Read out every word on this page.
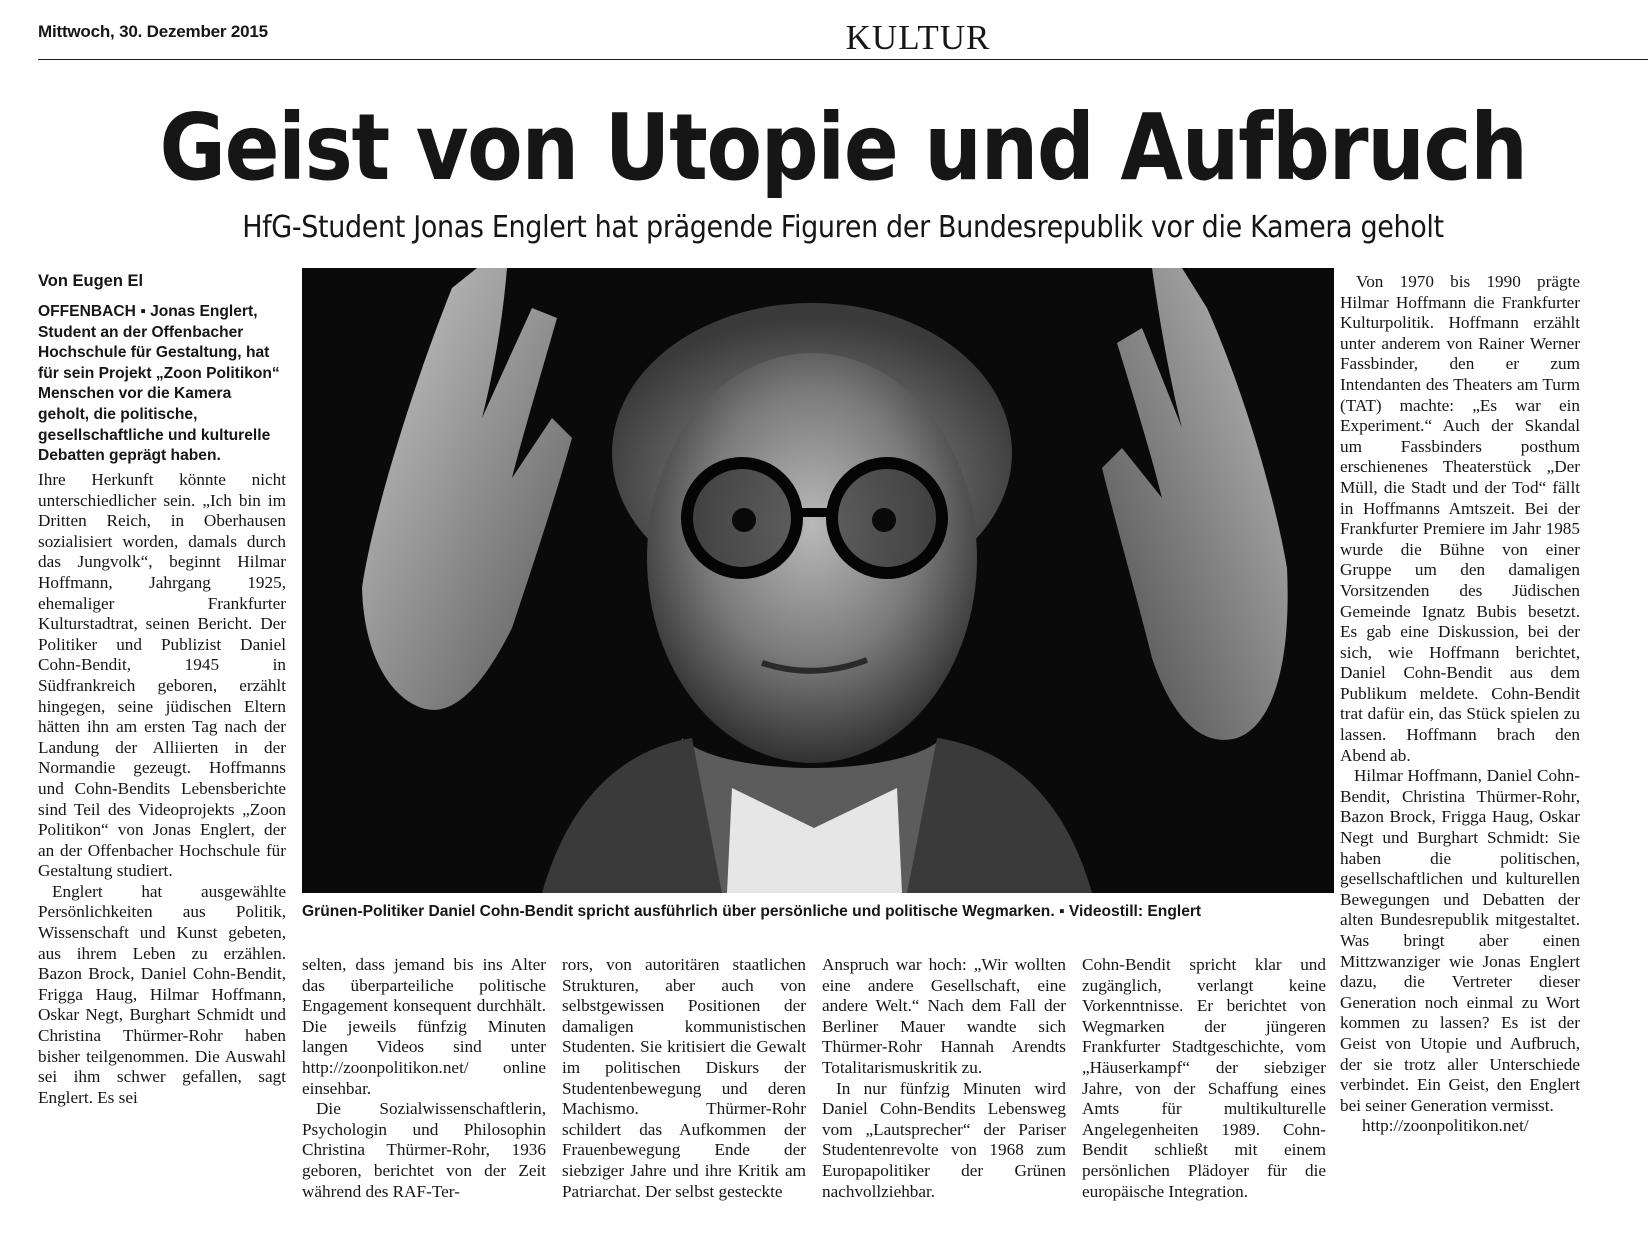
Mittwoch, 30. Dezember 2015	KULTUR
Geist von Utopie und Aufbruch
HfG-Student Jonas Englert hat prägende Figuren der Bundesrepublik vor die Kamera geholt
Von Eugen El
OFFENBACH ▪ Jonas Englert, Student an der Offenbacher Hochschule für Gestaltung, hat für sein Projekt „Zoon Politikon“ Menschen vor die Kamera geholt, die politische, gesellschaftliche und kulturelle Debatten geprägt haben.

Ihre Herkunft könnte nicht unterschiedlicher sein. „Ich bin im Dritten Reich, in Oberhausen sozialisiert worden, damals durch das Jungvolk“, beginnt Hilmar Hoffmann, Jahrgang 1925, ehemaliger Frankfurter Kulturstadtrat, seinen Bericht. Der Politiker und Publizist Daniel Cohn-Bendit, 1945 in Südfrankreich geboren, erzählt hingegen, seine jüdischen Eltern hätten ihn am ersten Tag nach der Landung der Alliierten in der Normandie gezeugt. Hoffmanns und Cohn-Bendits Lebensberichte sind Teil des Videoprojekts „Zoon Politikon“ von Jonas Englert, der an der Offenbacher Hochschule für Gestaltung studiert.

Englert hat ausgewählte Persönlichkeiten aus Politik, Wissenschaft und Kunst gebeten, aus ihrem Leben zu erzählen. Bazon Brock, Daniel Cohn-Bendit, Frigga Haug, Hilmar Hoffmann, Oskar Negt, Burghart Schmidt und Christina Thürmer-Rohr haben bisher teilgenommen. Die Auswahl sei ihm schwer gefallen, sagt Englert. Es sei

selten, dass jemand bis ins Alter das überparteiliche politische Engagement konsequent durchhält. Die jeweils fünfzig Minuten langen Videos sind unter http://zoonpolitikon.net/ online einsehbar.

Die Sozialwissenschaftlerin, Psychologin und Philosophin Christina Thürmer-Rohr, 1936 geboren, berichtet von der Zeit während des RAF-Ter-

rors, von autoritären staatlichen Strukturen, aber auch von selbstgewissen Positionen der damaligen kommunistischen Studenten. Sie kritisiert die Gewalt im politischen Diskurs der Studentenbewegung und deren Machismo. Thürmer-Rohr schildert das Aufkommen der Frauenbewegung Ende der siebziger Jahre und ihre Kritik am Patriarchat. Der selbst gesteckte

Anspruch war hoch: „Wir wollten eine andere Gesellschaft, eine andere Welt.“ Nach dem Fall der Berliner Mauer wandte sich Thürmer-Rohr Hannah Arendts Totalitarismuskritik zu.

In nur fünfzig Minuten wird Daniel Cohn-Bendits Lebensweg vom „Lautsprecher“ der Pariser Studentenrevolte von 1968 zum Europapolitiker der Grünen nachvollziehbar.

Cohn-Bendit spricht klar und zugänglich, verlangt keine Vorkenntnisse. Er berichtet von Wegmarken der jüngeren Frankfurter Stadtgeschichte, vom „Häuserkampf“ der siebziger Jahre, von der Schaffung eines Amts für multikulturelle Angelegenheiten 1989. Cohn-Bendit schließt mit einem persönlichen Plädoyer für die europäische Integration.

Von 1970 bis 1990 prägte Hilmar Hoffmann die Frankfurter Kulturpolitik. Hoffmann erzählt unter anderem von Rainer Werner Fassbinder, den er zum Intendanten des Theaters am Turm (TAT) machte: „Es war ein Experiment.“ Auch der Skandal um Fassbinders posthum erschienenes Theaterstück „Der Müll, die Stadt und der Tod“ fällt in Hoffmanns Amtszeit. Bei der Frankfurter Premiere im Jahr 1985 wurde die Bühne von einer Gruppe um den damaligen Vorsitzenden des Jüdischen Gemeinde Ignatz Bubis besetzt. Es gab eine Diskussion, bei der sich, wie Hoffmann berichtet, Daniel Cohn-Bendit aus dem Publikum meldete. Cohn-Bendit trat dafür ein, das Stück spielen zu lassen. Hoffmann brach den Abend ab.

Hilmar Hoffmann, Daniel Cohn-Bendit, Christina Thürmer-Rohr, Bazon Brock, Frigga Haug, Oskar Negt und Burghart Schmidt: Sie haben die politischen, gesellschaftlichen und kulturellen Bewegungen und Debatten der alten Bundesrepublik mitgestaltet. Was bringt aber einen Mittzwanziger wie Jonas Englert dazu, die Vertreter dieser Generation noch einmal zu Wort kommen zu lassen? Es ist der Geist von Utopie und Aufbruch, der sie trotz aller Unterschiede verbindet. Ein Geist, den Englert bei seiner Generation vermisst.

http://zoonpolitikon.net/

Grünen-Politiker Daniel Cohn-Bendit spricht ausführlich über persönliche und politische Wegmarken. ▪ Videostill: Englert
